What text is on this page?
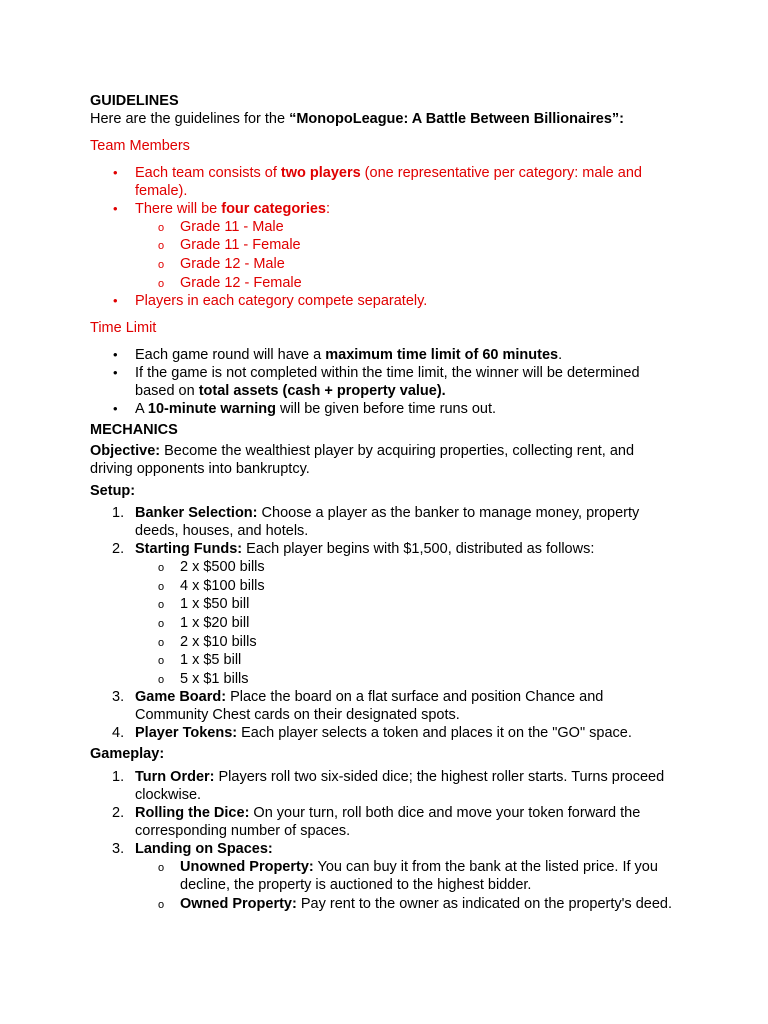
GUIDELINES

Here are the guidelines for the “MonopoLeague: A Battle Between Billionaires”:

Team Members

• Each team consists of two players (one representative per category: male and female).
• There will be four categories:
o Grade 11 - Male
o Grade 11 - Female
o Grade 12 - Male
o Grade 12 - Female
• Players in each category compete separately.

Time Limit

• Each game round will have a maximum time limit of 60 minutes.
• If the game is not completed within the time limit, the winner will be determined based on total assets (cash + property value).
• A 10-minute warning will be given before time runs out.

MECHANICS

Objective: Become the wealthiest player by acquiring properties, collecting rent, and driving opponents into bankruptcy.

Setup:

1. Banker Selection: Choose a player as the banker to manage money, property deeds, houses, and hotels.
2. Starting Funds: Each player begins with $1,500, distributed as follows:
o 2 x $500 bills
o 4 x $100 bills
o 1 x $50 bill
o 1 x $20 bill
o 2 x $10 bills
o 1 x $5 bill
o 5 x $1 bills
3. Game Board: Place the board on a flat surface and position Chance and Community Chest cards on their designated spots.
4. Player Tokens: Each player selects a token and places it on the "GO" space.

Gameplay:

1. Turn Order: Players roll two six-sided dice; the highest roller starts. Turns proceed clockwise.
2. Rolling the Dice: On your turn, roll both dice and move your token forward the corresponding number of spaces.
3. Landing on Spaces:
o Unowned Property: You can buy it from the bank at the listed price. If you decline, the property is auctioned to the highest bidder.
o Owned Property: Pay rent to the owner as indicated on the property's deed.
